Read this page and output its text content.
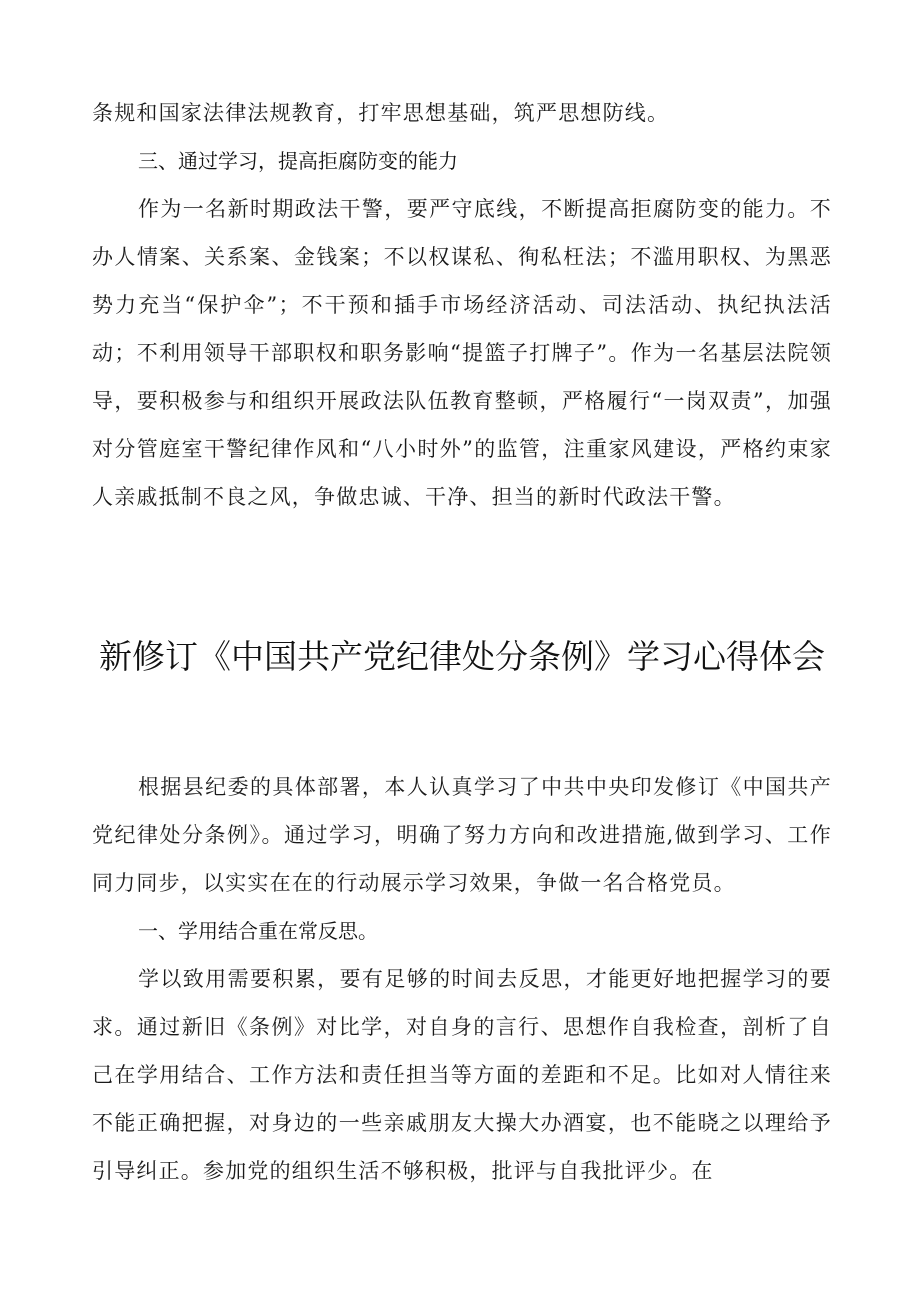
条规和国家法律法规教育，打牢思想基础，筑严思想防线。

三、通过学习，提高拒腐防变的能力

作为一名新时期政法干警，要严守底线，不断提高拒腐防变的能力。不办人情案、关系案、金钱案；不以权谋私、徇私枉法；不滥用职权、为黑恶势力充当“保护伞”；不干预和插手市场经济活动、司法活动、执纪执法活动；不利用领导干部职权和职务影响“提篮子打牌子”。作为一名基层法院领导，要积极参与和组织开展政法队伍教育整顿，严格履行“一岗双责”，加强对分管庭室干警纪律作风和“八小时外”的监管，注重家风建设，严格约束家人亲戚抵制不良之风，争做忠诚、干净、担当的新时代政法干警。

新修订《中国共产党纪律处分条例》学习心得体会

根据县纪委的具体部署，本人认真学习了中共中央印发修订《中国共产党纪律处分条例》。通过学习，明确了努力方向和改进措施,做到学习、工作同力同步，以实实在在的行动展示学习效果，争做一名合格党员。

一、学用结合重在常反思。

学以致用需要积累，要有足够的时间去反思，才能更好地把握学习的要求。通过新旧《条例》对比学，对自身的言行、思想作自我检查，剖析了自己在学用结合、工作方法和责任担当等方面的差距和不足。比如对人情往来不能正确把握，对身边的一些亲戚朋友大操大办酒宴，也不能晓之以理给予引导纠正。参加党的组织生活不够积极，批评与自我批评少。在
